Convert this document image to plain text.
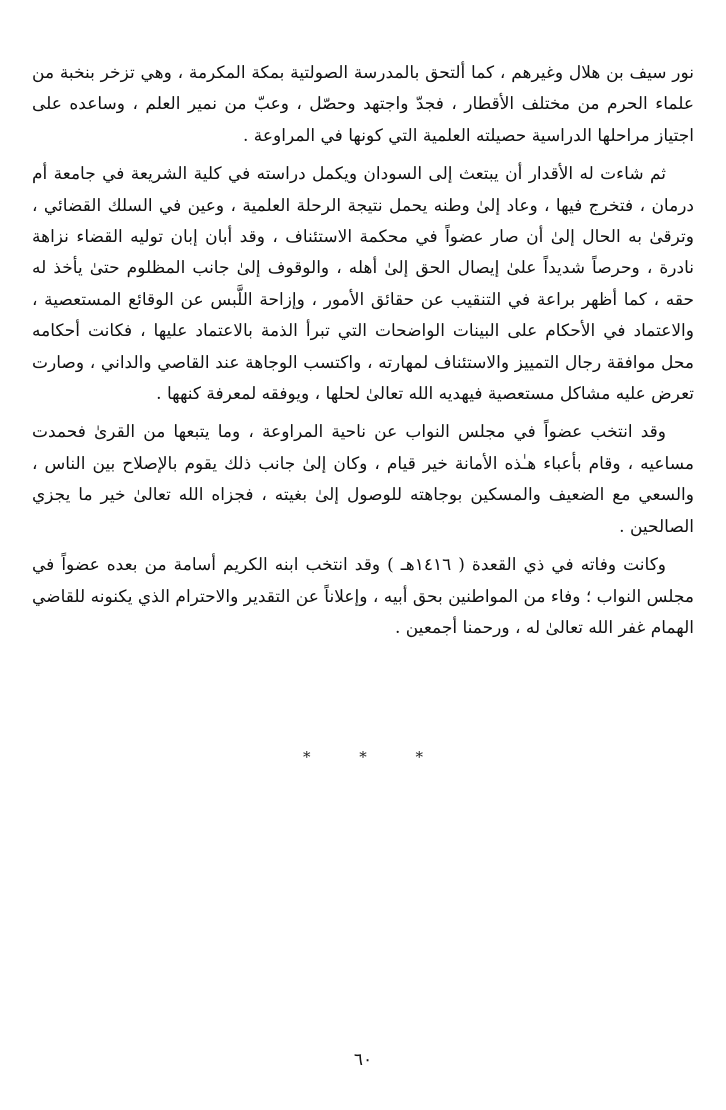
نور سيف بن هلال وغيرهم ، كما ألتحق بالمدرسة الصولتية بمكة المكرمة ، وهي تزخر بنخبة من علماء الحرم من مختلف الأقطار ، فجدّ واجتهد وحصّل ، وعبّ من نمير العلم ، وساعده على اجتياز مراحلها الدراسية حصيلته العلمية التي كونها في المراوعة .

ثم شاءت له الأقدار أن يبتعث إلى السودان ويكمل دراسته في كلية الشريعة في جامعة أم درمان ، فتخرج فيها ، وعاد إلىٰ وطنه يحمل نتيجة الرحلة العلمية ، وعين في السلك القضائي ، وترقىٰ به الحال إلىٰ أن صار عضواً في محكمة الاستئناف ، وقد أبان إبان توليه القضاء نزاهة نادرة ، وحرصاً شديداً علىٰ إيصال الحق إلىٰ أهله ، والوقوف إلىٰ جانب المظلوم حتىٰ يأخذ له حقه ، كما أظهر براعة في التنقيب عن حقائق الأمور ، وإزاحة اللَّبس عن الوقائع المستعصية ، والاعتماد في الأحكام على البينات الواضحات التي تبرأ الذمة بالاعتماد عليها ، فكانت أحكامه محل موافقة رجال التمييز والاستئناف لمهارته ، واكتسب الوجاهة عند القاصي والداني ، وصارت تعرض عليه مشاكل مستعصية فيهديه الله تعالىٰ لحلها ، ويوفقه لمعرفة كنهها .

وقد انتخب عضواً في مجلس النواب عن ناحية المراوعة ، وما يتبعها من القرىٰ فحمدت مساعيه ، وقام بأعباء هـٰذه الأمانة خير قيام ، وكان إلىٰ جانب ذلك يقوم بالإصلاح بين الناس ، والسعي مع الضعيف والمسكين بوجاهته للوصول إلىٰ بغيته ، فجزاه الله تعالىٰ خير ما يجزي الصالحين .

وكانت وفاته في ذي القعدة ( ١٤١٦هـ ) وقد انتخب ابنه الكريم أسامة من بعده عضواً في مجلس النواب ؛ وفاء من المواطنين بحق أبيه ، وإعلاناً عن التقدير والاحترام الذي يكنونه للقاضي الهمام غفر الله تعالىٰ له ، ورحمنا أجمعين .

* * *
٦٠
